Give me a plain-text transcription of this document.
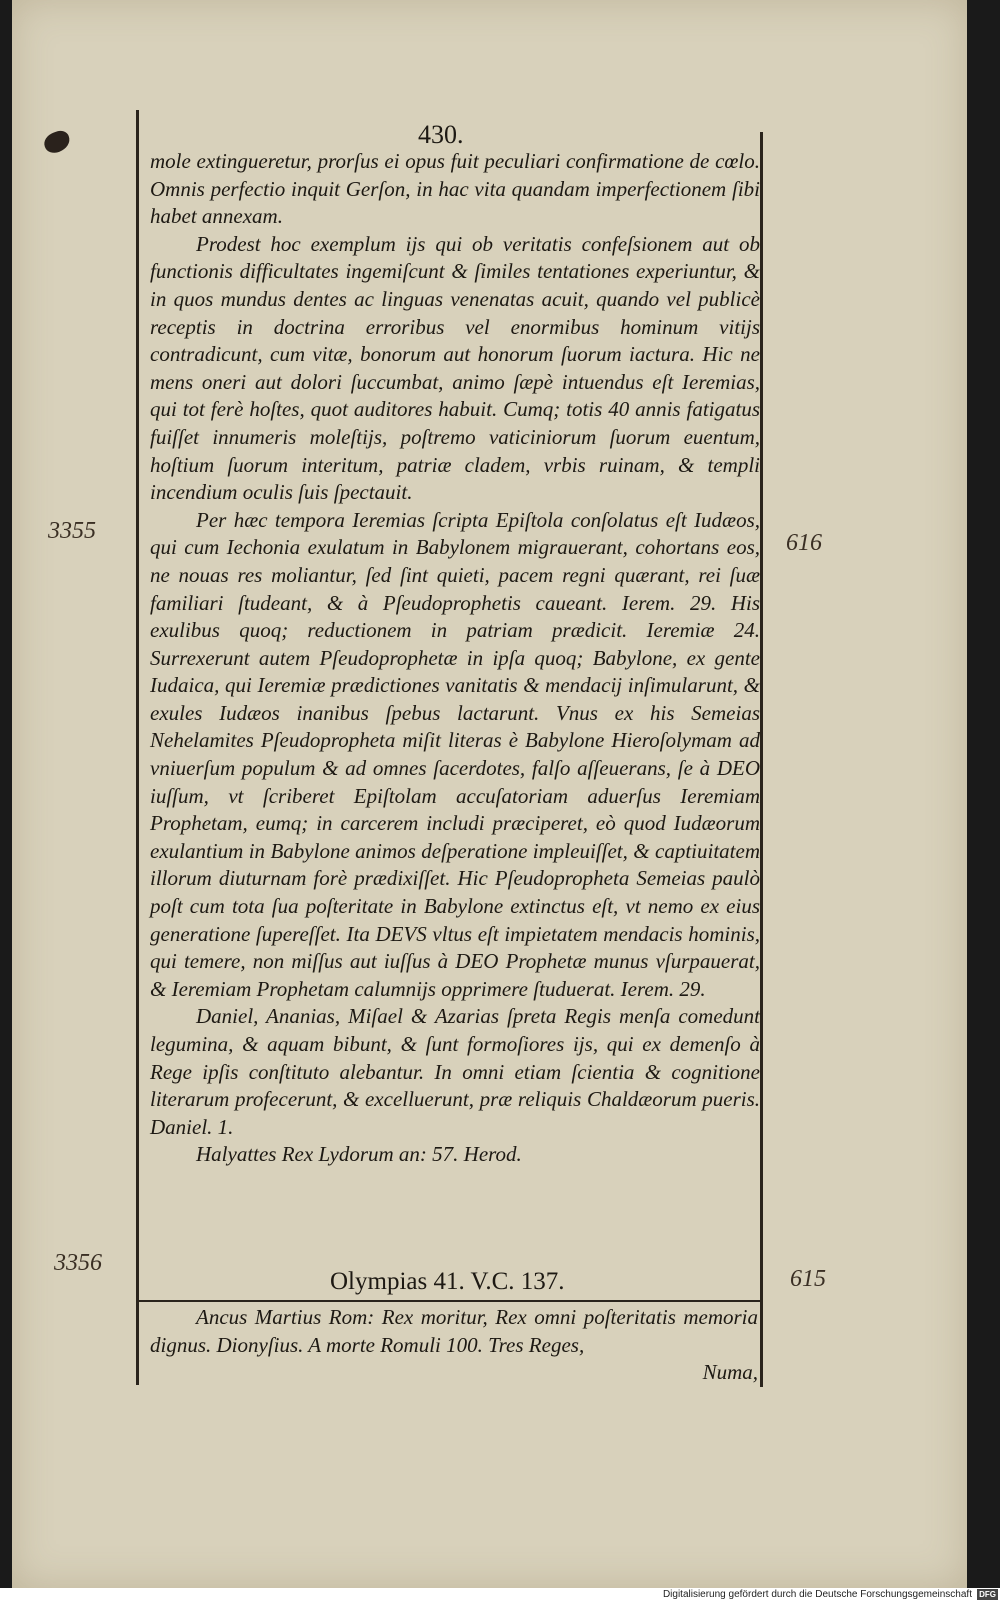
430.
3355	616
3356
615

mole extingueretur, prorſus ei opus fuit peculiari confirmatione de cœlo. Omnis perfectio inquit Gerſon, in hac vita quandam imperfectionem ſibi habet annexam.

Prodest hoc exemplum ijs qui ob veritatis confeſsionem aut ob functionis difficultates ingemiſcunt & ſimiles tentationes experiuntur, & in quos mundus dentes ac linguas venenatas acuit, quando vel publicè receptis in doctrina erroribus vel enormibus hominum vitijs contradicunt, cum vitæ, bonorum aut honorum ſuorum iactura. Hic ne mens oneri aut dolori ſuccumbat, animo ſæpè intuendus eſt Ieremias, qui tot ferè hoſtes, quot auditores habuit. Cumq; totis 40 annis fatigatus fuiſſet innumeris moleſtijs, poſtremo vaticiniorum ſuorum euentum, hoſtium ſuorum interitum, patriæ cladem, vrbis ruinam, & templi incendium oculis ſuis ſpectauit.

Per hæc tempora Ieremias ſcripta Epiſtola conſolatus eſt Iudæos, qui cum Iechonia exulatum in Babylonem migrauerant, cohortans eos, ne nouas res moliantur, ſed ſint quieti, pacem regni quærant, rei ſuæ familiari ſtudeant, & à Pſeudoprophetis caueant. Ierem. 29. His exulibus quoq; reductionem in patriam prædicit. Ieremiæ 24. Surrexerunt autem Pſeudoprophetæ in ipſa quoq; Babylone, ex gente Iudaica, qui Ieremiæ prædictiones vanitatis & mendacij inſimularunt, & exules Iudæos inanibus ſpebus lactarunt. Vnus ex his Semeias Nehelamites Pſeudopropheta miſit literas è Babylone Hieroſolymam ad vniuerſum populum & ad omnes ſacerdotes, falſo aſſeuerans, ſe à DEO iuſſum, vt ſcriberet Epiſtolam accuſatoriam aduerſus Ieremiam Prophetam, eumq; in carcerem includi præciperet, eò quod Iudæorum exulantium in Babylone animos deſperatione impleuiſſet, & captiuitatem illorum diuturnam forè prædixiſſet. Hic Pſeudopropheta Semeias paulò poſt cum tota ſua poſteritate in Babylone extinctus eſt, vt nemo ex eius generatione ſupereſſet. Ita DEVS vltus eſt impietatem mendacis hominis, qui temere, non miſſus aut iuſſus à DEO Prophetæ munus vſurpauerat, & Ieremiam Prophetam calumnijs opprimere ſtuduerat. Ierem. 29.

Daniel, Ananias, Miſael & Azarias ſpreta Regis menſa comedunt legumina, & aquam bibunt, & ſunt formoſiores ijs, qui ex demenſo à Rege ipſis conſtituto alebantur. In omni etiam ſcientia & cognitione literarum profecerunt, & excelluerunt, præ reliquis Chaldæorum pueris. Daniel. 1.

Halyattes Rex Lydorum an: 57. Herod.

Olympias 41. V.C. 137.

Ancus Martius Rom: Rex moritur, Rex omni poſteritatis memoria dignus. Dionyſius. A morte Romuli 100. Tres Reges,

Numa,

Digitalisierung gefördert durch die Deutsche Forschungsgemeinschaft DFG
